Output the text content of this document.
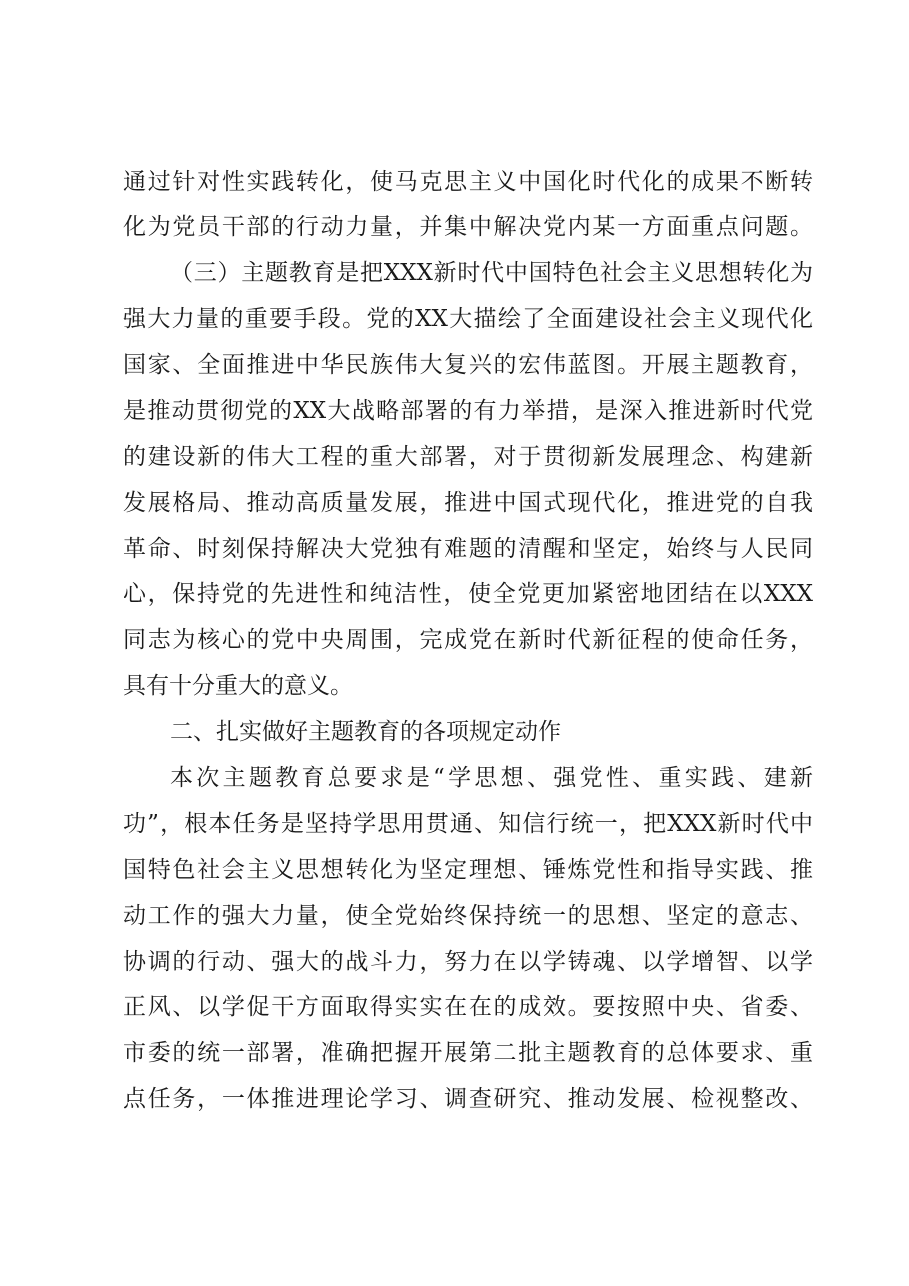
通过针对性实践转化，使马克思主义中国化时代化的成果不断转
化为党员干部的行动力量，并集中解决党内某一方面重点问题。
（三）主题教育是把XXX新时代中国特色社会主义思想转化为
强大力量的重要手段。党的XX大描绘了全面建设社会主义现代化
国家、全面推进中华民族伟大复兴的宏伟蓝图。开展主题教育，
是推动贯彻党的XX大战略部署的有力举措，是深入推进新时代党
的建设新的伟大工程的重大部署，对于贯彻新发展理念、构建新
发展格局、推动高质量发展，推进中国式现代化，推进党的自我
革命、时刻保持解决大党独有难题的清醒和坚定，始终与人民同
心，保持党的先进性和纯洁性，使全党更加紧密地团结在以XXX
同志为核心的党中央周围，完成党在新时代新征程的使命任务，
具有十分重大的意义。
二、扎实做好主题教育的各项规定动作
本次主题教育总要求是“学思想、强党性、重实践、建新
功”，根本任务是坚持学思用贯通、知信行统一，把XXX新时代中
国特色社会主义思想转化为坚定理想、锤炼党性和指导实践、推
动工作的强大力量，使全党始终保持统一的思想、坚定的意志、
协调的行动、强大的战斗力，努力在以学铸魂、以学增智、以学
正风、以学促干方面取得实实在在的成效。要按照中央、省委、
市委的统一部署，准确把握开展第二批主题教育的总体要求、重
点任务，一体推进理论学习、调查研究、推动发展、检视整改、
